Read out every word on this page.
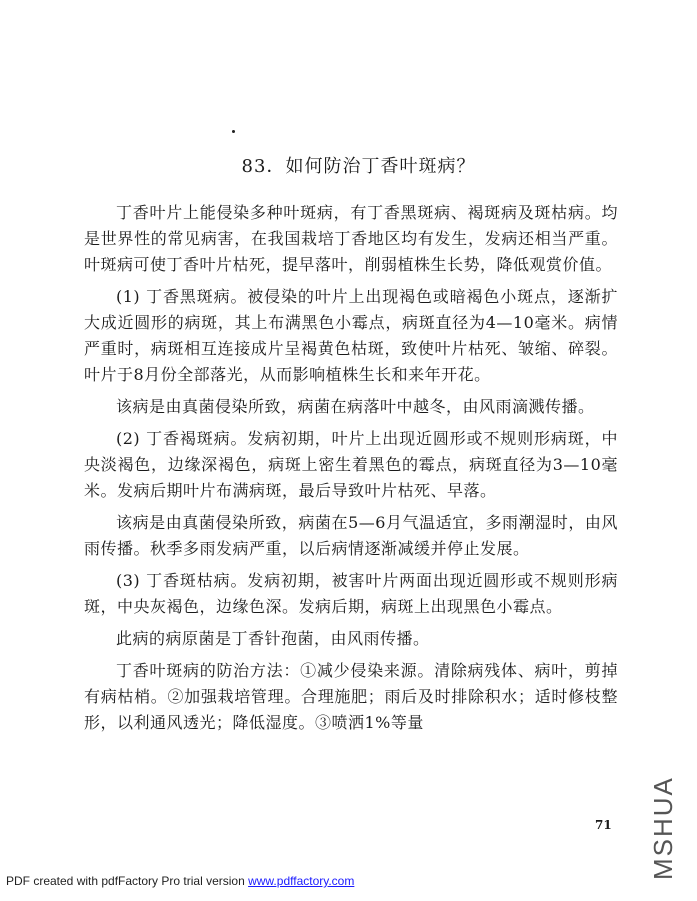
83．如何防治丁香叶斑病？

丁香叶片上能侵染多种叶斑病，有丁香黑斑病、褐斑病及斑枯病。均是世界性的常见病害，在我国栽培丁香地区均有发生，发病还相当严重。叶斑病可使丁香叶片枯死，提早落叶，削弱植株生长势，降低观赏价值。

(1) 丁香黑斑病。被侵染的叶片上出现褐色或暗褐色小斑点，逐渐扩大成近圆形的病斑，其上布满黑色小霉点，病斑直径为4—10毫米。病情严重时，病斑相互连接成片呈褐黄色枯斑，致使叶片枯死、皱缩、碎裂。叶片于8月份全部落光，从而影响植株生长和来年开花。

该病是由真菌侵染所致，病菌在病落叶中越冬，由风雨滴溅传播。

(2) 丁香褐斑病。发病初期，叶片上出现近圆形或不规则形病斑，中央淡褐色，边缘深褐色，病斑上密生着黑色的霉点，病斑直径为3—10毫米。发病后期叶片布满病斑，最后导致叶片枯死、早落。

该病是由真菌侵染所致，病菌在5—6月气温适宜，多雨潮湿时，由风雨传播。秋季多雨发病严重，以后病情逐渐减缓并停止发展。

(3) 丁香斑枯病。发病初期，被害叶片两面出现近圆形或不规则形病斑，中央灰褐色，边缘色深。发病后期，病斑上出现黑色小霉点。

此病的病原菌是丁香针孢菌，由风雨传播。

丁香叶斑病的防治方法：①减少侵染来源。清除病残体、病叶，剪掉有病枯梢。②加强栽培管理。合理施肥；雨后及时排除积水；适时修枝整形，以利通风透光；降低湿度。③喷洒1%等量

71
PDF created with pdfFactory Pro trial version www.pdffactory.com
MSHUA
